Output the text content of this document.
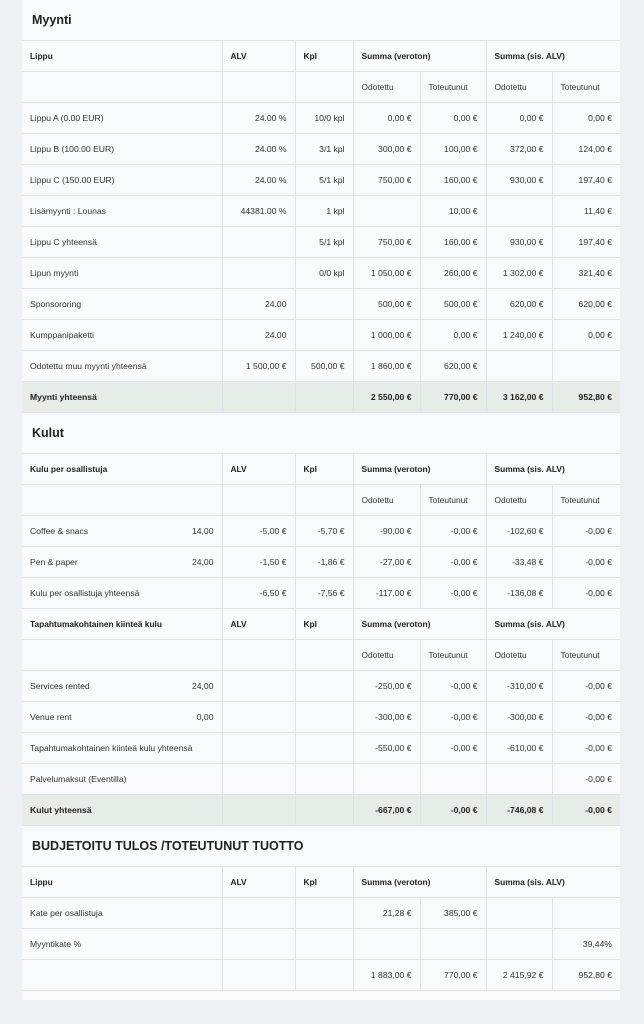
Myynti
Lippu	ALV	Kpl	Summa (veroton)		Summa (sis. ALV)	
			Odotettu	Toteutunut	Odotettu	Toteutunut
Lippu A (0.00 EUR)	24.00 %	10/0 kpl	0,00 €	0,00 €	0,00 €	0,00 €
Lippu B (100.00 EUR)	24.00 %	3/1 kpl	300,00 €	100,00 €	372,00 €	124,00 €
Lippu C (150.00 EUR)	24.00 %	5/1 kpl	750,00 €	160,00 €	930,00 €	197,40 €
Lisämyynti : Lounas	44381.00 %	1 kpl		10,00 €		11,40 €
Lippu C yhteensä		5/1 kpl	750,00 €	160,00 €	930,00 €	197,40 €
Lipun myynti		0/0 kpl	1 050,00 €	260,00 €	1 302,00 €	321,40 €
Sponsororing	24.00		500,00 €	500,00 €	620,00 €	620,00 €
Kumppanipaketti	24.00		1 000,00 €	0,00 €	1 240,00 €	0,00 €
Odotettu muu myynti yhteensä	1 500,00 €	500,00 €	1 860,00 €	620,00 €		
Myynti yhteensä			2 550,00 €	770,00 €	3 162,00 €	952,80 €
Kulut
Kulu per osallistuja	ALV	Kpl	Summa (veroton)		Summa (sis. ALV)	
			Odotettu	Toteutunut	Odotettu	Toteutunut

Coffee & snacs 14,00	-5,00 €	-5,70 €	-90,00 €	-0,00 €	-102,60 €	-0,00 €

Pen & paper 24,00	-1,50 €	-1,86 €	-27,00 €	-0,00 €	-33,48 €	-0,00 €

Kulu per osallistuja yhteensä	-6,50 €	-7,56 €	-117,00 €	-0,00 €	-136,08 €	-0,00 €
Tapahtumakohtainen kiinteä kulu	ALV	Kpl	Summa (veroton)		Summa (sis. ALV)	
			Odotettu	Toteutunut	Odotettu	Toteutunut

Services rented 24,00			-250,00 €	-0,00 €	-310,00 €	-0,00 €

Venue rent 0,00			-300,00 €	-0,00 €	-300,00 €	-0,00 €

Tapahtumakohtainen kiinteä kulu yhteensä			-550,00 €	-0,00 €	-610,00 €	-0,00 €

Palvelumaksut (Eventilla)						-0,00 €
Kulut yhteensä			-667,00 €	-0,00 €	-746,08 €	-0,00 €
BUDJETOITU TULOS /TOTEUTUNUT TUOTTO
Lippu	ALV	Kpl	Summa (veroton)		Summa (sis. ALV)	
Kate per osallistuja			21,28 €	385,00 €		
Myyntikate %						39,44%
			1 883,00 €	770,00 €	2 415,92 €	952,80 €
